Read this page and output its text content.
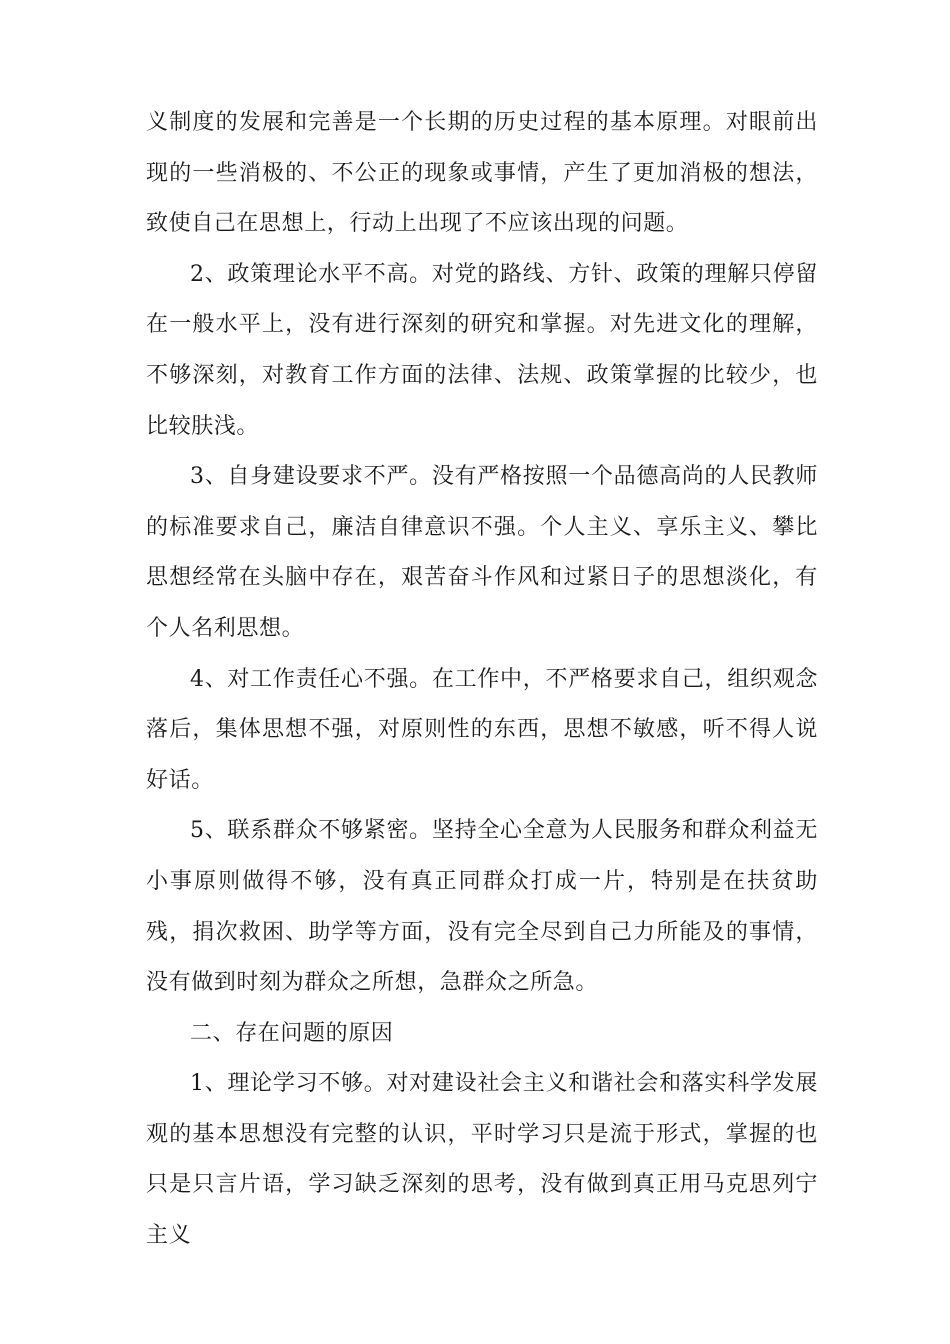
义制度的发展和完善是一个长期的历史过程的基本原理。对眼前出现的一些消极的、不公正的现象或事情，产生了更加消极的想法，致使自己在思想上，行动上出现了不应该出现的问题。

2、政策理论水平不高。对党的路线、方针、政策的理解只停留在一般水平上，没有进行深刻的研究和掌握。对先进文化的理解，不够深刻，对教育工作方面的法律、法规、政策掌握的比较少，也比较肤浅。

3、自身建设要求不严。没有严格按照一个品德高尚的人民教师的标准要求自己，廉洁自律意识不强。个人主义、享乐主义、攀比思想经常在头脑中存在，艰苦奋斗作风和过紧日子的思想淡化，有个人名利思想。

4、对工作责任心不强。在工作中，不严格要求自己，组织观念落后，集体思想不强，对原则性的东西，思想不敏感，听不得人说好话。

5、联系群众不够紧密。坚持全心全意为人民服务和群众利益无小事原则做得不够，没有真正同群众打成一片，特别是在扶贫助残，捐次救困、助学等方面，没有完全尽到自己力所能及的事情，没有做到时刻为群众之所想，急群众之所急。

二、存在问题的原因

1、理论学习不够。对对建设社会主义和谐社会和落实科学发展观的基本思想没有完整的认识，平时学习只是流于形式，掌握的也只是只言片语，学习缺乏深刻的思考，没有做到真正用马克思列宁主义
